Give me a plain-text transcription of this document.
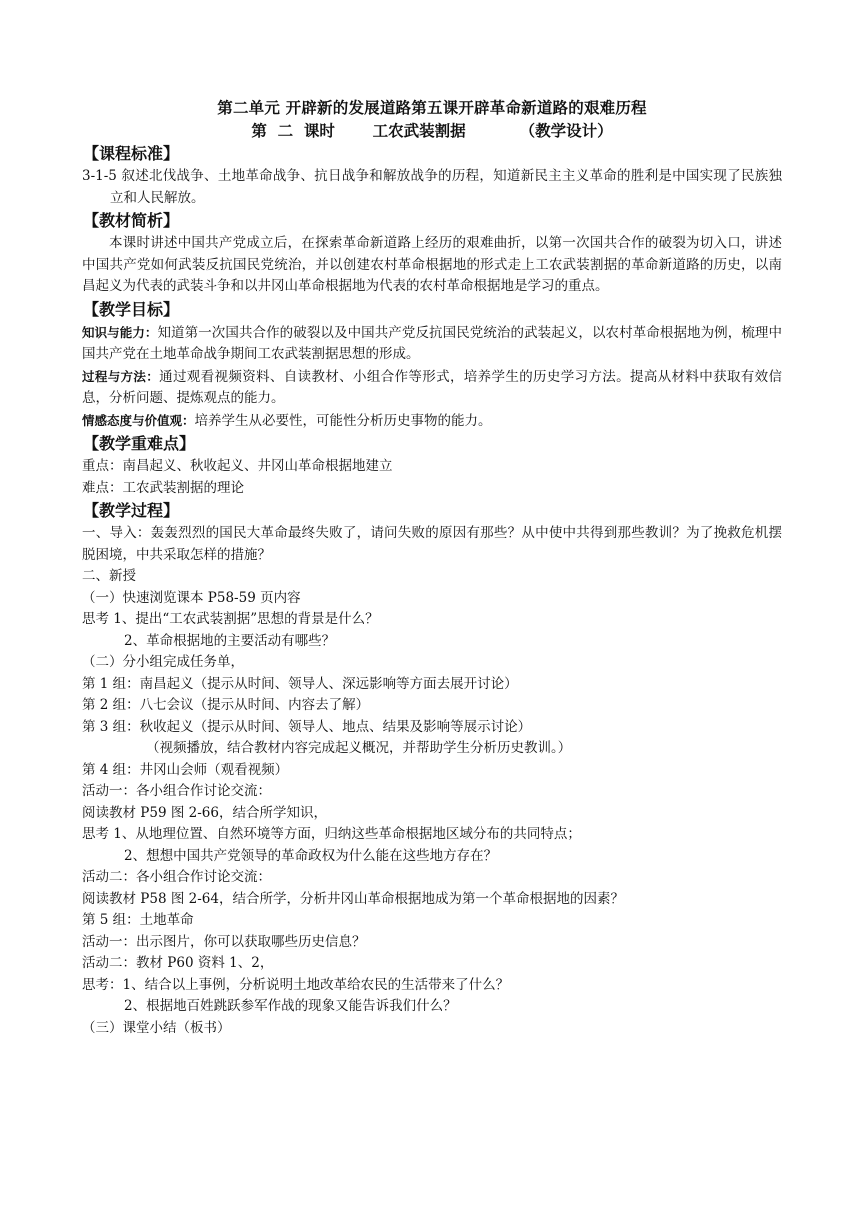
第二单元 开辟新的发展道路第五课开辟革命新道路的艰难历程
第  二  课时       工农武装割据          （教学设计）
【课程标准】
3-1-5 叙述北伐战争、土地革命战争、抗日战争和解放战争的历程，知道新民主主义革命的胜利是中国实现了民族独立和人民解放。
【教材简析】
本课时讲述中国共产党成立后，在探索革命新道路上经历的艰难曲折，以第一次国共合作的破裂为切入口，讲述中国共产党如何武装反抗国民党统治，并以创建农村革命根据地的形式走上工农武装割据的革命新道路的历史，以南昌起义为代表的武装斗争和以井冈山革命根据地为代表的农村革命根据地是学习的重点。
【教学目标】
知识与能力：知道第一次国共合作的破裂以及中国共产党反抗国民党统治的武装起义，以农村革命根据地为例，梳理中国共产党在土地革命战争期间工农武装割据思想的形成。
过程与方法：通过观看视频资料、自读教材、小组合作等形式，培养学生的历史学习方法。提高从材料中获取有效信息，分析问题、提炼观点的能力。
情感态度与价值观：培养学生从必要性，可能性分析历史事物的能力。
【教学重难点】
重点：南昌起义、秋收起义、井冈山革命根据地建立
难点：工农武装割据的理论
【教学过程】
一、导入：轰轰烈烈的国民大革命最终失败了，请问失败的原因有那些？从中使中共得到那些教训？为了挽救危机摆脱困境，中共采取怎样的措施？
二、新授
（一）快速浏览课本 P58-59 页内容
思考 1、提出“工农武装割据”思想的背景是什么？
2、革命根据地的主要活动有哪些？
（二）分小组完成任务单，
第 1 组：南昌起义（提示从时间、领导人、深远影响等方面去展开讨论）
第 2 组：八七会议（提示从时间、内容去了解）
第 3 组：秋收起义（提示从时间、领导人、地点、结果及影响等展示讨论）
（视频播放，结合教材内容完成起义概况，并帮助学生分析历史教训。）
第 4 组：井冈山会师（观看视频）
活动一：各小组合作讨论交流：
阅读教材 P59 图 2-66，结合所学知识，
思考 1、从地理位置、自然环境等方面，归纳这些革命根据地区域分布的共同特点；
2、想想中国共产党领导的革命政权为什么能在这些地方存在？
活动二：各小组合作讨论交流：
阅读教材 P58 图 2-64，结合所学，分析井冈山革命根据地成为第一个革命根据地的因素？
第 5 组：土地革命
活动一：出示图片，你可以获取哪些历史信息？
活动二：教材 P60 资料 1、2，
思考：1、结合以上事例，分析说明土地改革给农民的生活带来了什么？
2、根据地百姓跳跃参军作战的现象又能告诉我们什么？
（三）课堂小结（板书）
